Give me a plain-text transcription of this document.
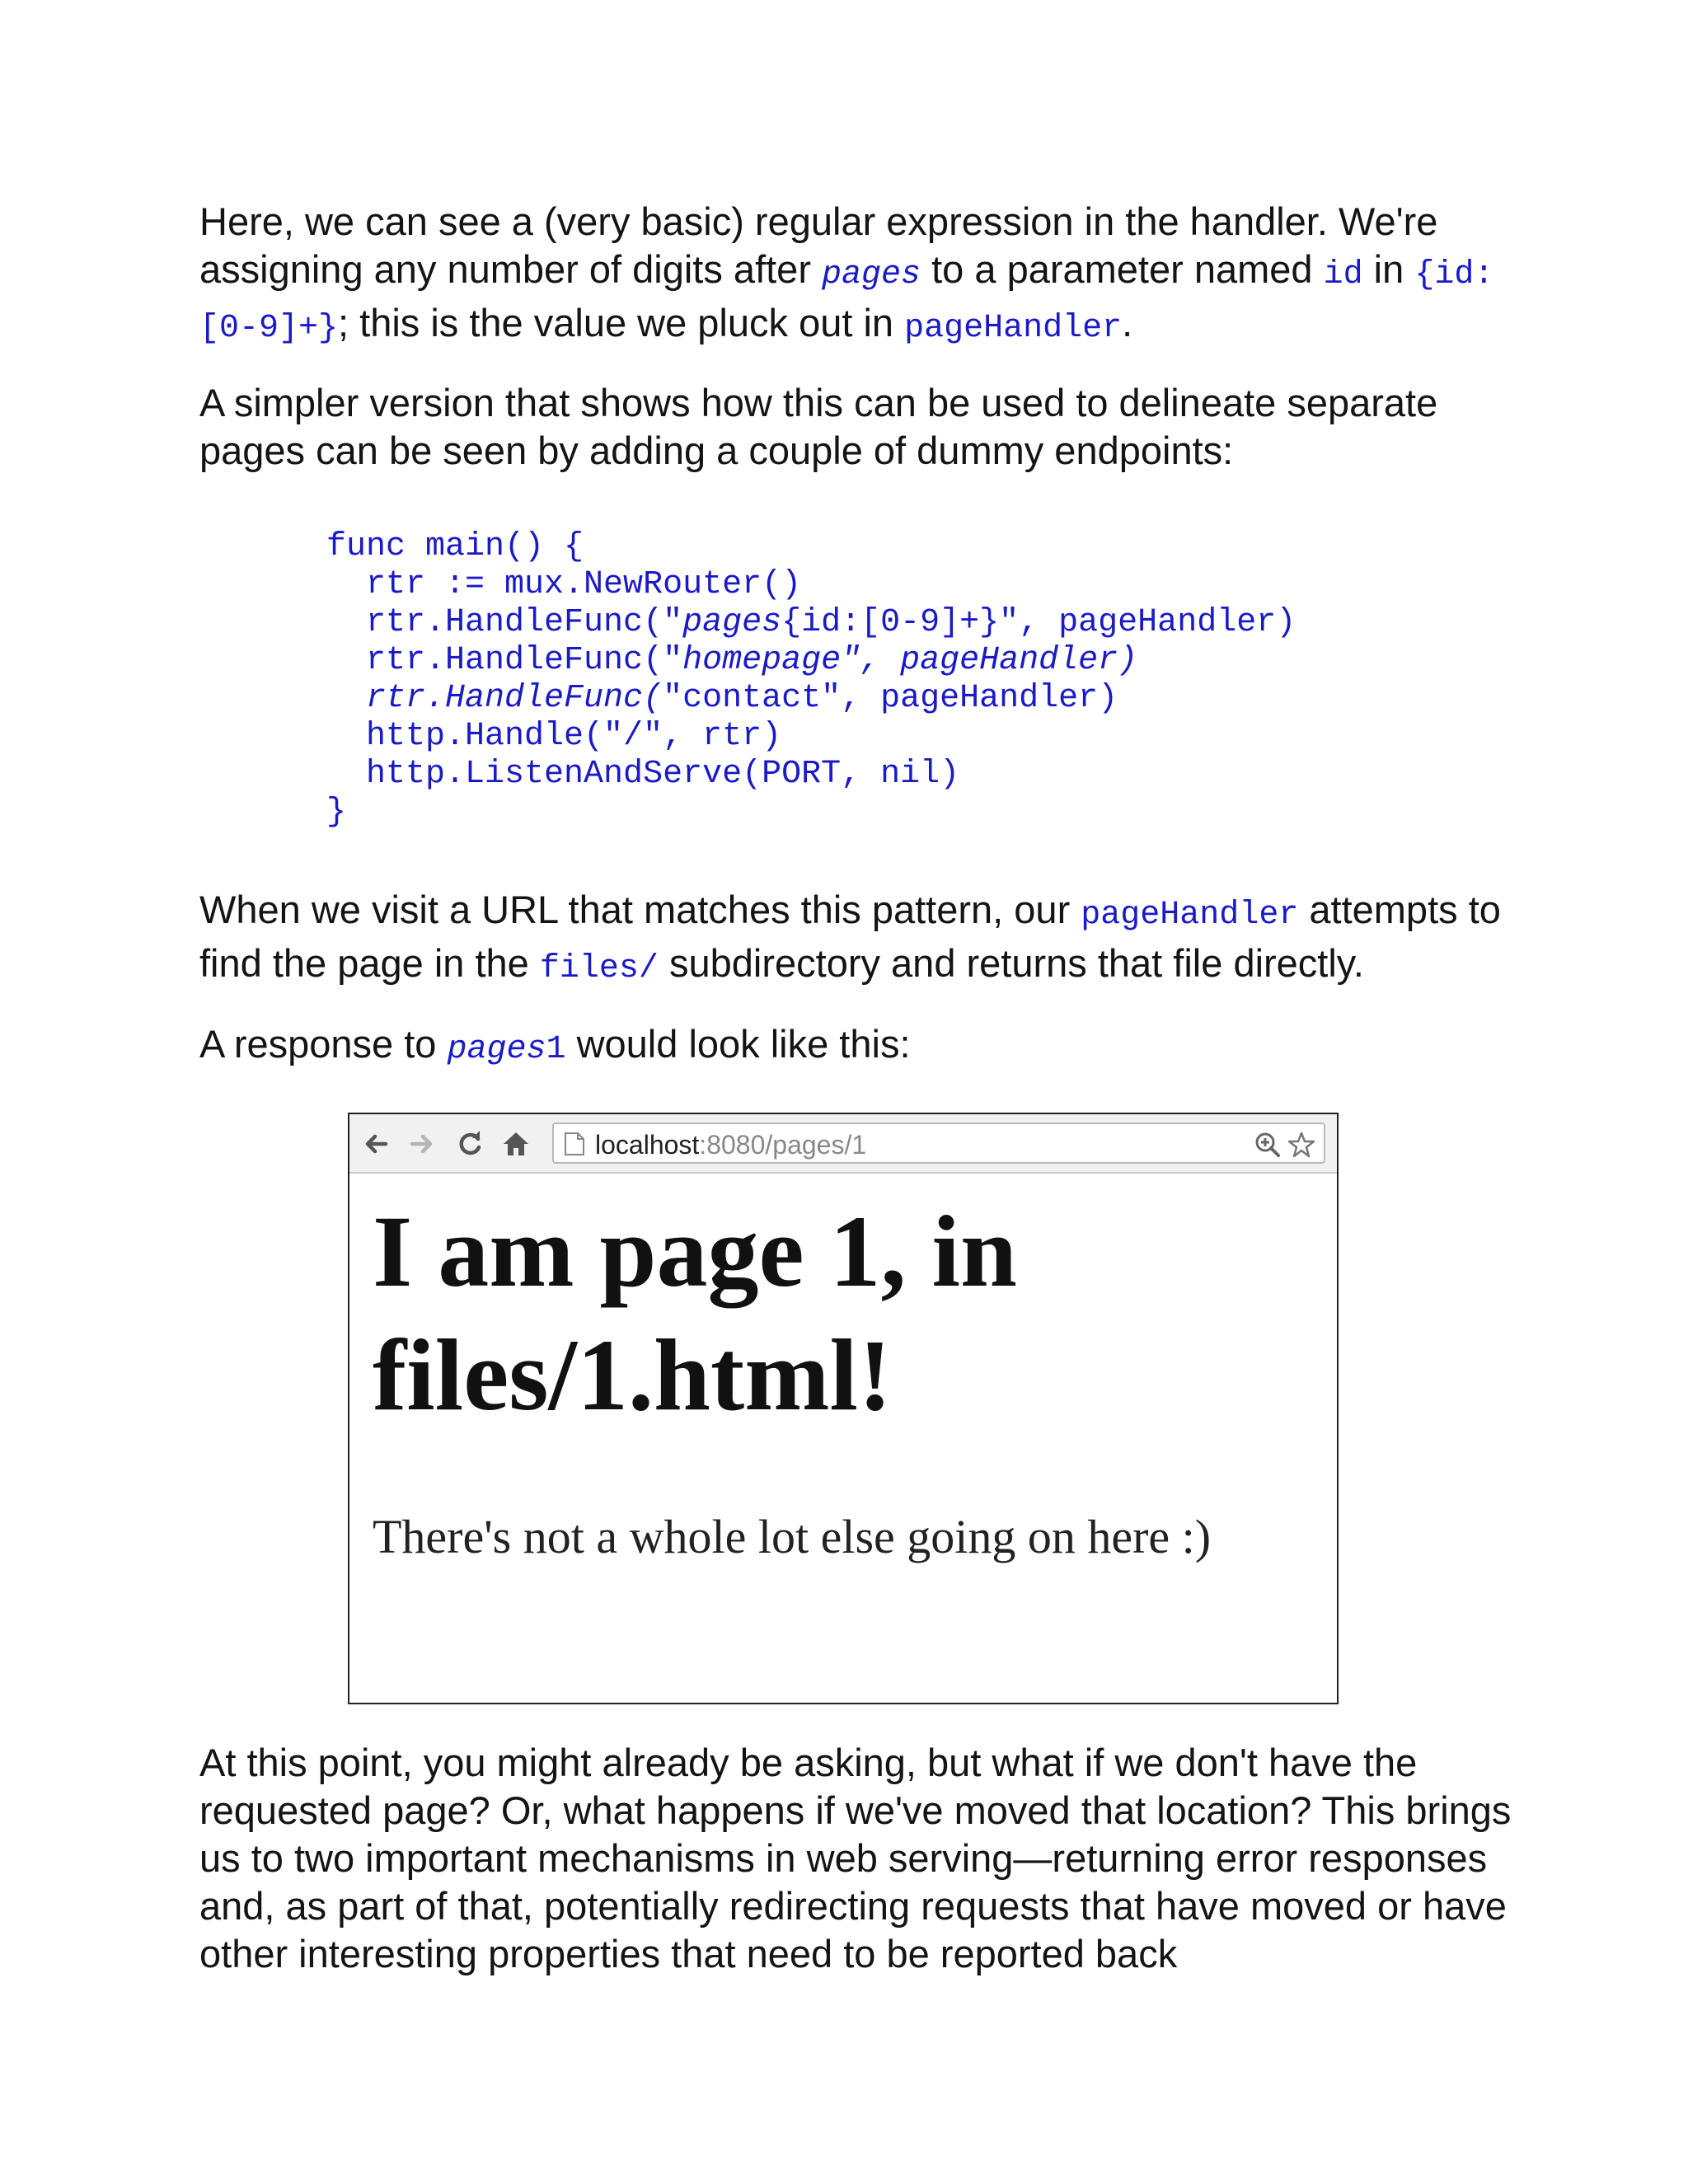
Here, we can see a (very basic) regular expression in the handler. We're assigning any number of digits after pages to a parameter named id in {id:[0-9]+}; this is the value we pluck out in pageHandler.

A simpler version that shows how this can be used to delineate separate pages can be seen by adding a couple of dummy endpoints:

func main() {
rtr := mux.NewRouter()
rtr.HandleFunc("pages{id:[0-9]+}", pageHandler)
rtr.HandleFunc("homepage", pageHandler)
rtr.HandleFunc("contact", pageHandler)
http.Handle("/", rtr)
http.ListenAndServe(PORT, nil)
}

When we visit a URL that matches this pattern, our pageHandler attempts to find the page in the files/ subdirectory and returns that file directly.

A response to pages1 would look like this:

localhost:8080/pages/1
I am page 1, in files/1.html!

There's not a whole lot else going on here :)

At this point, you might already be asking, but what if we don't have the requested page? Or, what happens if we've moved that location? This brings us to two important mechanisms in web serving—returning error responses and, as part of that, potentially redirecting requests that have moved or have other interesting properties that need to be reported back
